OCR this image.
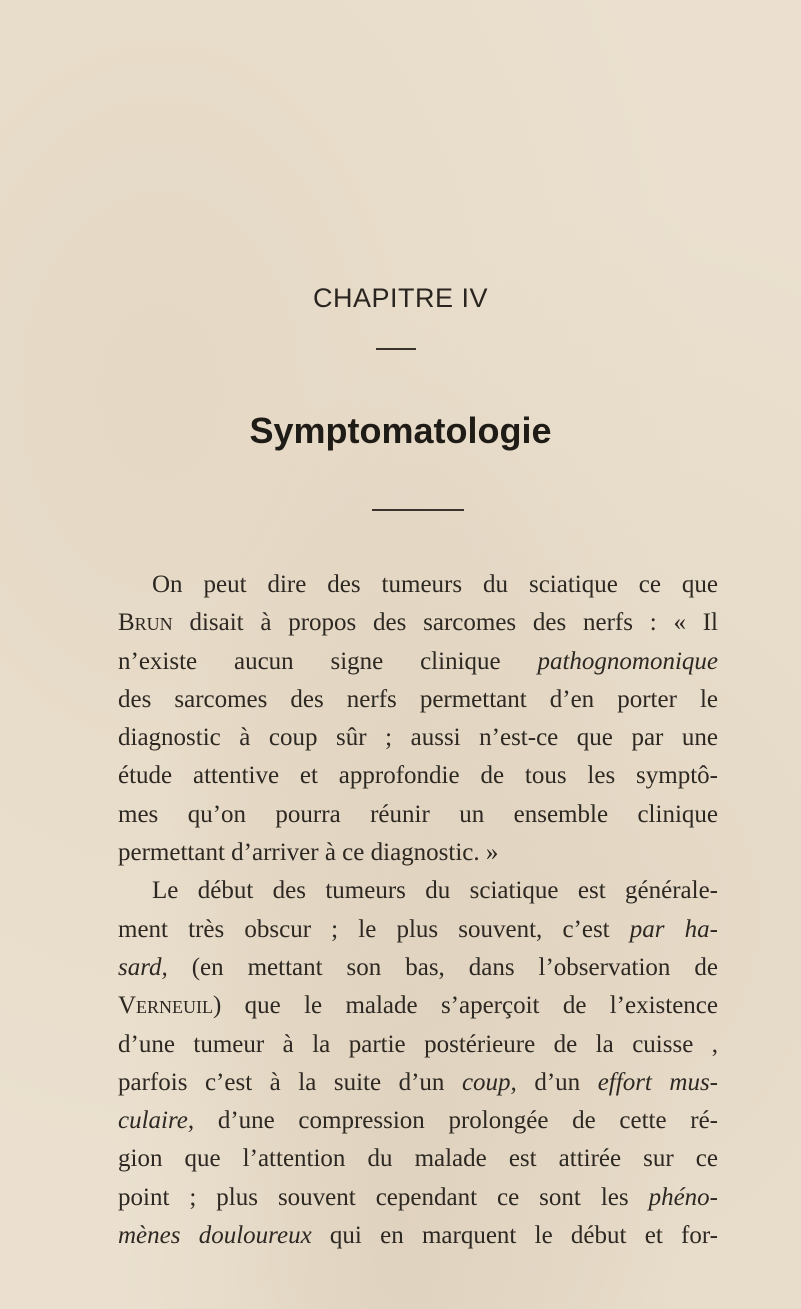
CHAPITRE IV
Symptomatologie
On peut dire des tumeurs du sciatique ce que
Brun disait à propos des sarcomes des nerfs : « Il
n’existe aucun signe clinique pathognomonique
des sarcomes des nerfs permettant d’en porter le
diagnostic à coup sûr ; aussi n’est-ce que par une
étude attentive et approfondie de tous les symptô-
mes qu’on pourra réunir un ensemble clinique
permettant d’arriver à ce diagnostic. »
Le début des tumeurs du sciatique est générale-
ment très obscur ; le plus souvent, c’est par ha-
sard, (en mettant son bas, dans l’observation de
Verneuil) que le malade s’aperçoit de l’existence
d’une tumeur à la partie postérieure de la cuisse ,
parfois c’est à la suite d’un coup, d’un effort mus-
culaire, d’une compression prolongée de cette ré-
gion que l’attention du malade est attirée sur ce
point ; plus souvent cependant ce sont les phéno-
mènes douloureux qui en marquent le début et for-
